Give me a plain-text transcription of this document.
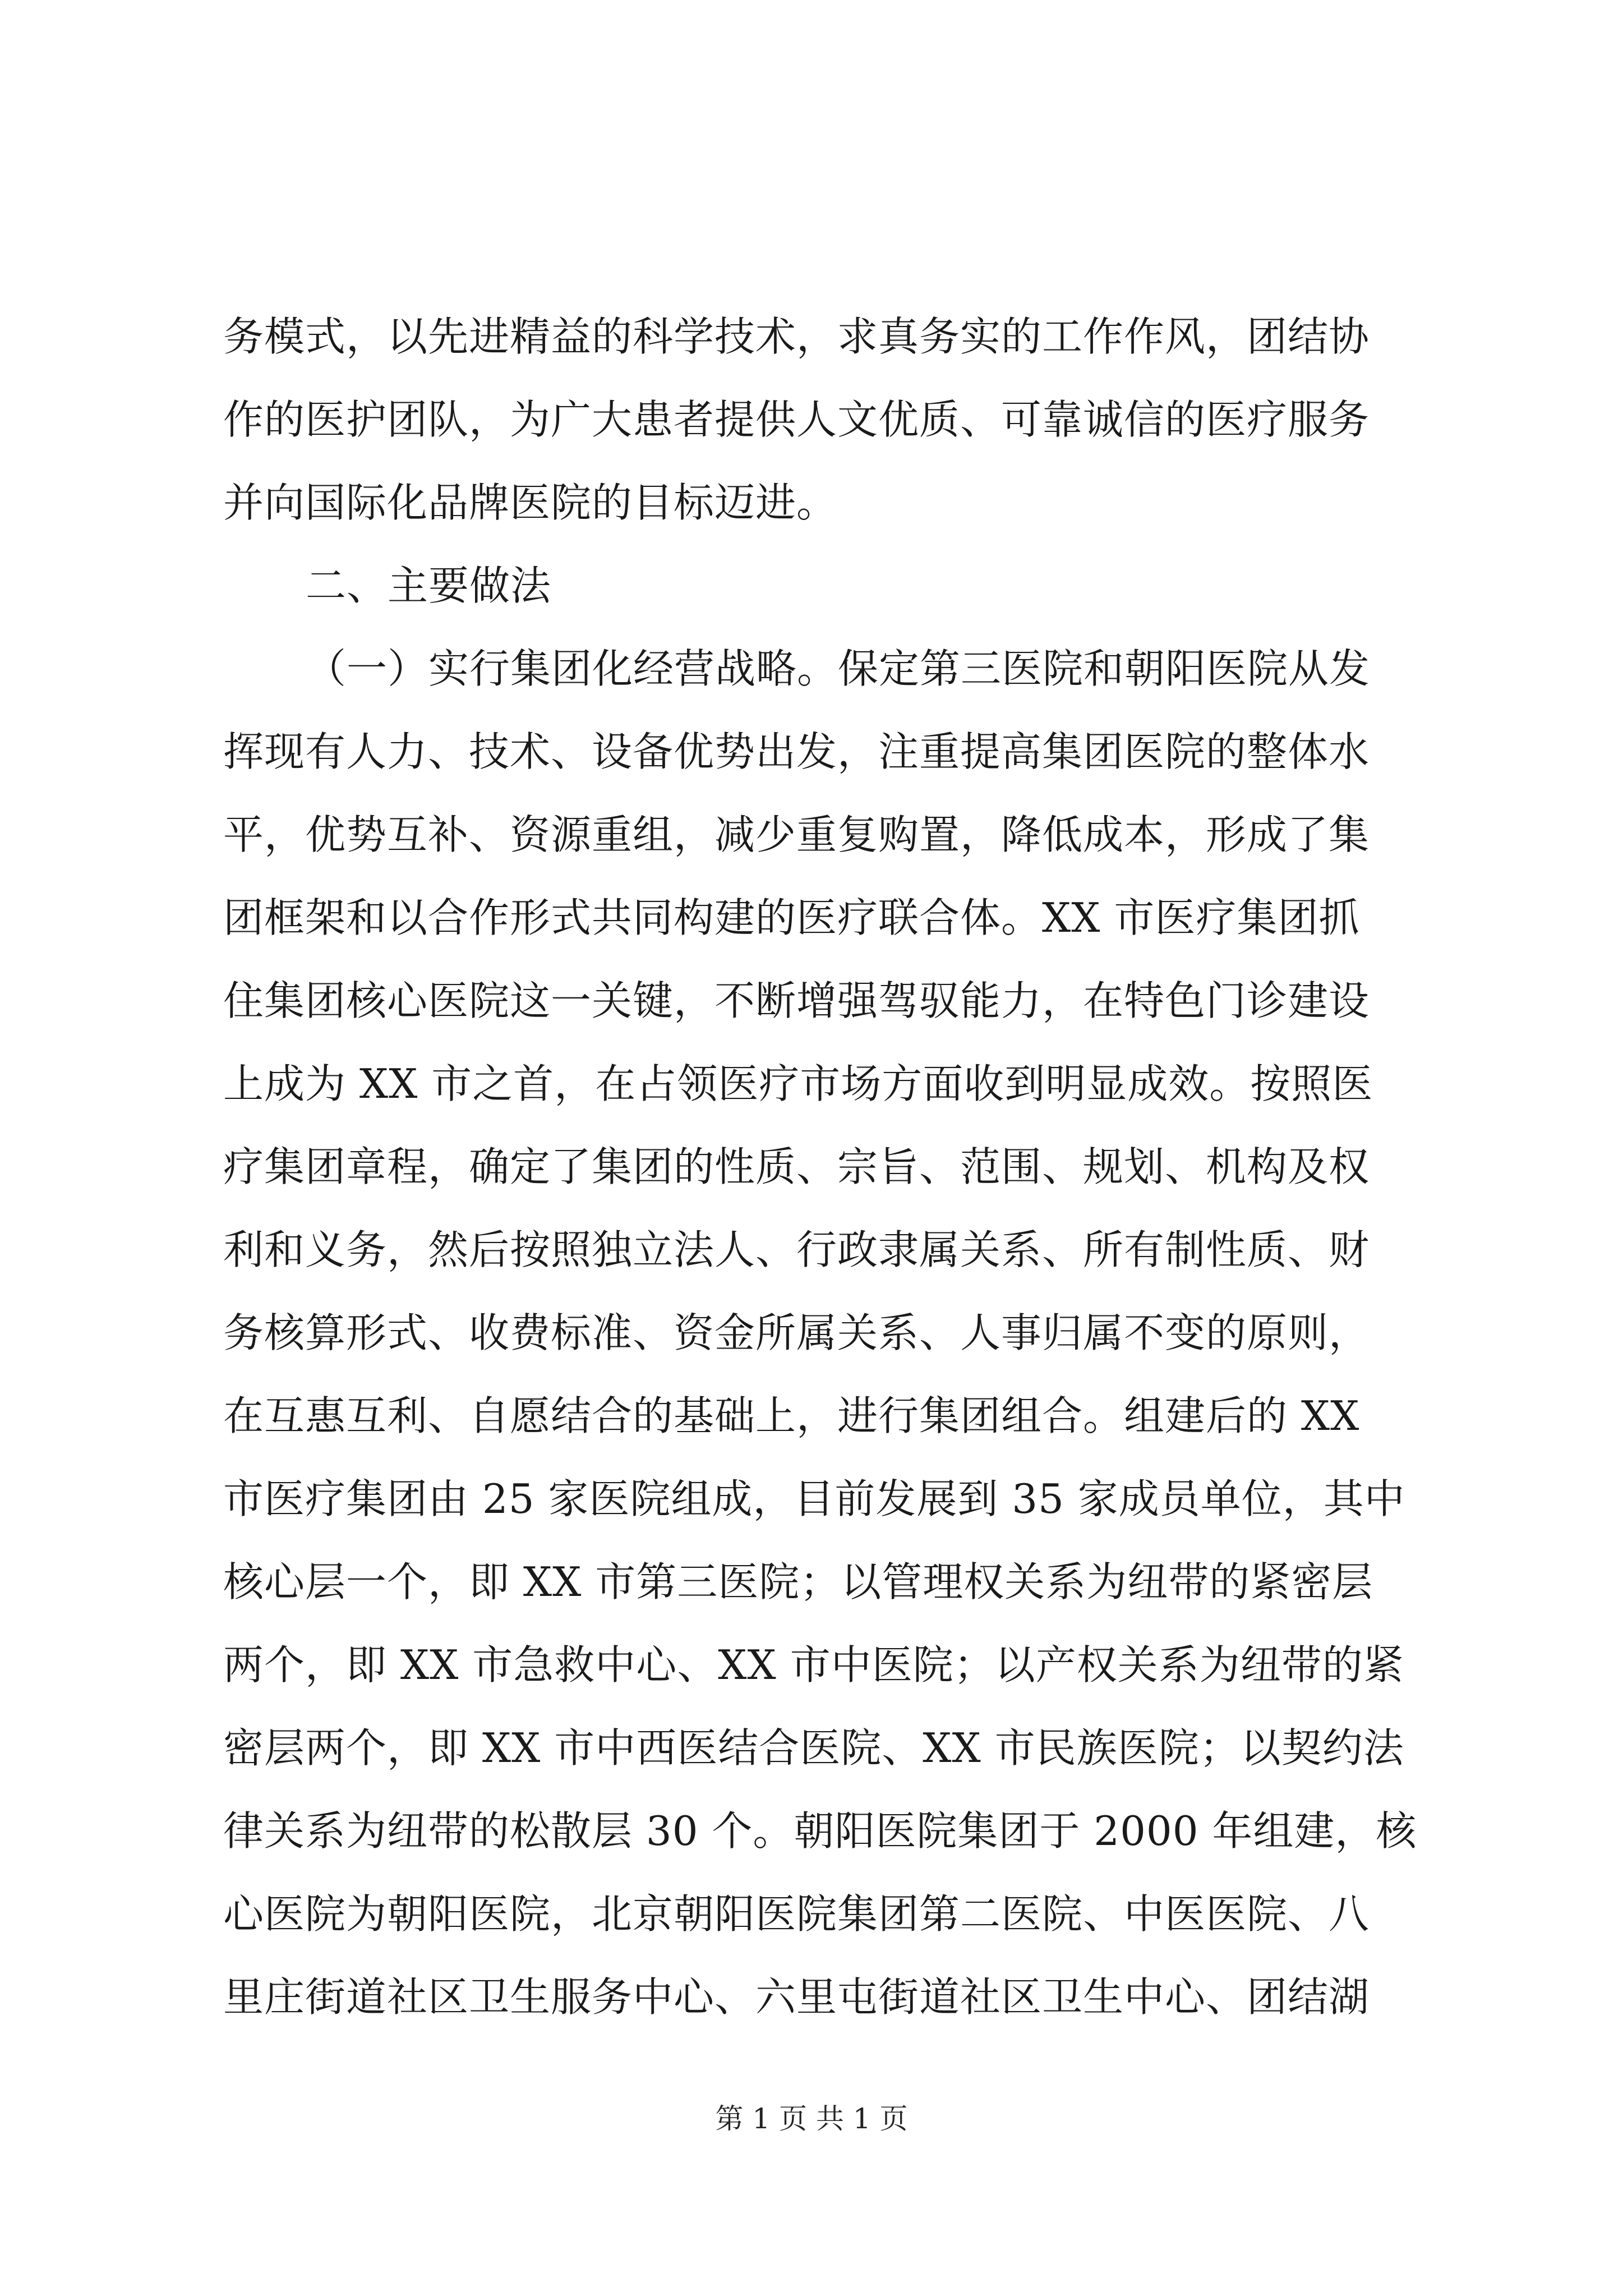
务模式，以先进精益的科学技术，求真务实的工作作风，团结协
作的医护团队，为广大患者提供人文优质、可靠诚信的医疗服务
并向国际化品牌医院的目标迈进。
二、主要做法
（一）实行集团化经营战略。保定第三医院和朝阳医院从发
挥现有人力、技术、设备优势出发，注重提高集团医院的整体水
平，优势互补、资源重组，减少重复购置，降低成本，形成了集
团框架和以合作形式共同构建的医疗联合体。XX 市医疗集团抓
住集团核心医院这一关键，不断增强驾驭能力，在特色门诊建设
上成为 XX 市之首，在占领医疗市场方面收到明显成效。按照医
疗集团章程，确定了集团的性质、宗旨、范围、规划、机构及权
利和义务，然后按照独立法人、行政隶属关系、所有制性质、财
务核算形式、收费标准、资金所属关系、人事归属不变的原则，
在互惠互利、自愿结合的基础上，进行集团组合。组建后的 XX
市医疗集团由 25 家医院组成，目前发展到 35 家成员单位，其中
核心层一个，即 XX 市第三医院；以管理权关系为纽带的紧密层
两个，即 XX 市急救中心、XX 市中医院；以产权关系为纽带的紧
密层两个，即 XX 市中西医结合医院、XX 市民族医院；以契约法
律关系为纽带的松散层 30 个。朝阳医院集团于 2000 年组建，核
心医院为朝阳医院，北京朝阳医院集团第二医院、中医医院、八
里庄街道社区卫生服务中心、六里屯街道社区卫生中心、团结湖
第 1 页 共 1 页
